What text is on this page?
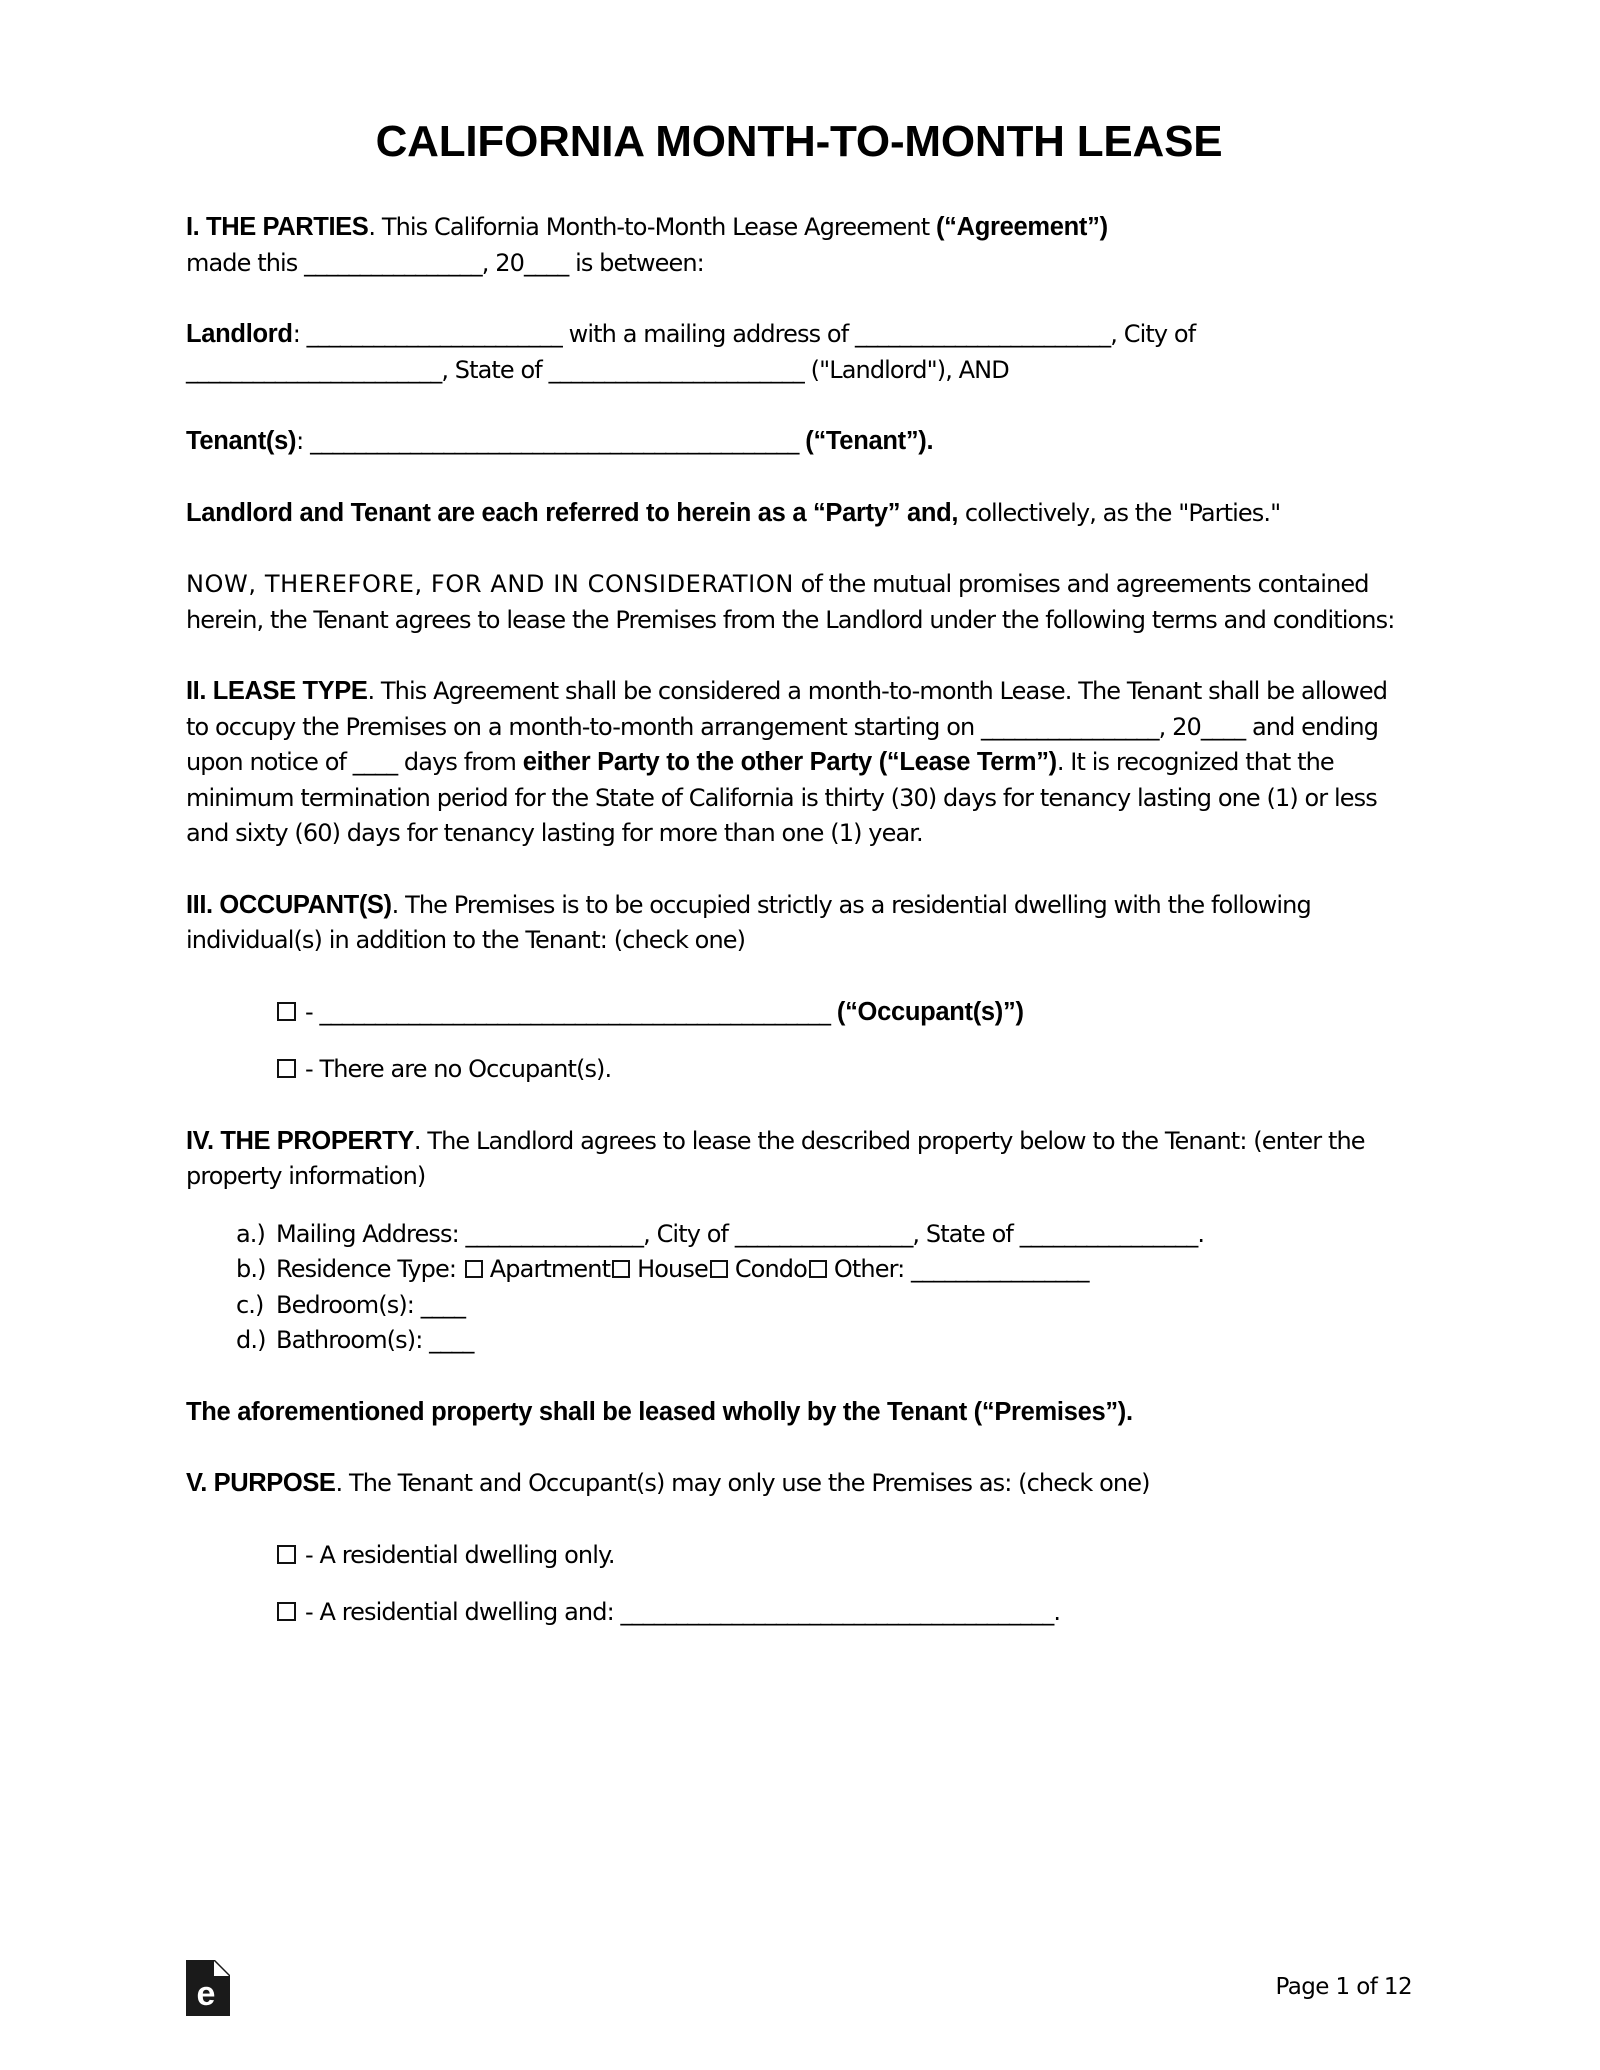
CALIFORNIA MONTH-TO-MONTH LEASE

I. THE PARTIES. This California Month-to-Month Lease Agreement (“Agreement”)
made this ________________, 20____ is between:

Landlord: _______________________ with a mailing address of _______________________, City of _______________________, State of _______________________ ("Landlord"), AND

Tenant(s): ____________________________________________ (“Tenant”).

Landlord and Tenant are each referred to herein as a “Party” and, collectively, as the "Parties."

NOW, THEREFORE, FOR AND IN CONSIDERATION of the mutual promises and agreements contained herein, the Tenant agrees to lease the Premises from the Landlord under the following terms and conditions:

II. LEASE TYPE. This Agreement shall be considered a month-to-month Lease. The Tenant shall be allowed to occupy the Premises on a month-to-month arrangement starting on ________________, 20____ and ending upon notice of ____ days from either Party to the other Party (“Lease Term”). It is recognized that the minimum termination period for the State of California is thirty (30) days for tenancy lasting one (1) or less and sixty (60) days for tenancy lasting for more than one (1) year.

III. OCCUPANT(S). The Premises is to be occupied strictly as a residential dwelling with the following individual(s) in addition to the Tenant: (check one)

- ______________________________________________ (“Occupant(s)”)
- There are no Occupant(s).

IV. THE PROPERTY. The Landlord agrees to lease the described property below to the Tenant: (enter the property information)

a.) Mailing Address: ________________, City of ________________, State of ________________.
b.) Residence Type: Apartment House Condo Other: ________________
c.) Bedroom(s): ____
d.) Bathroom(s): ____

The aforementioned property shall be leased wholly by the Tenant (“Premises”).

V. PURPOSE. The Tenant and Occupant(s) may only use the Premises as: (check one)

- A residential dwelling only.
- A residential dwelling and: _______________________________________.
e	Page 1 of 12
